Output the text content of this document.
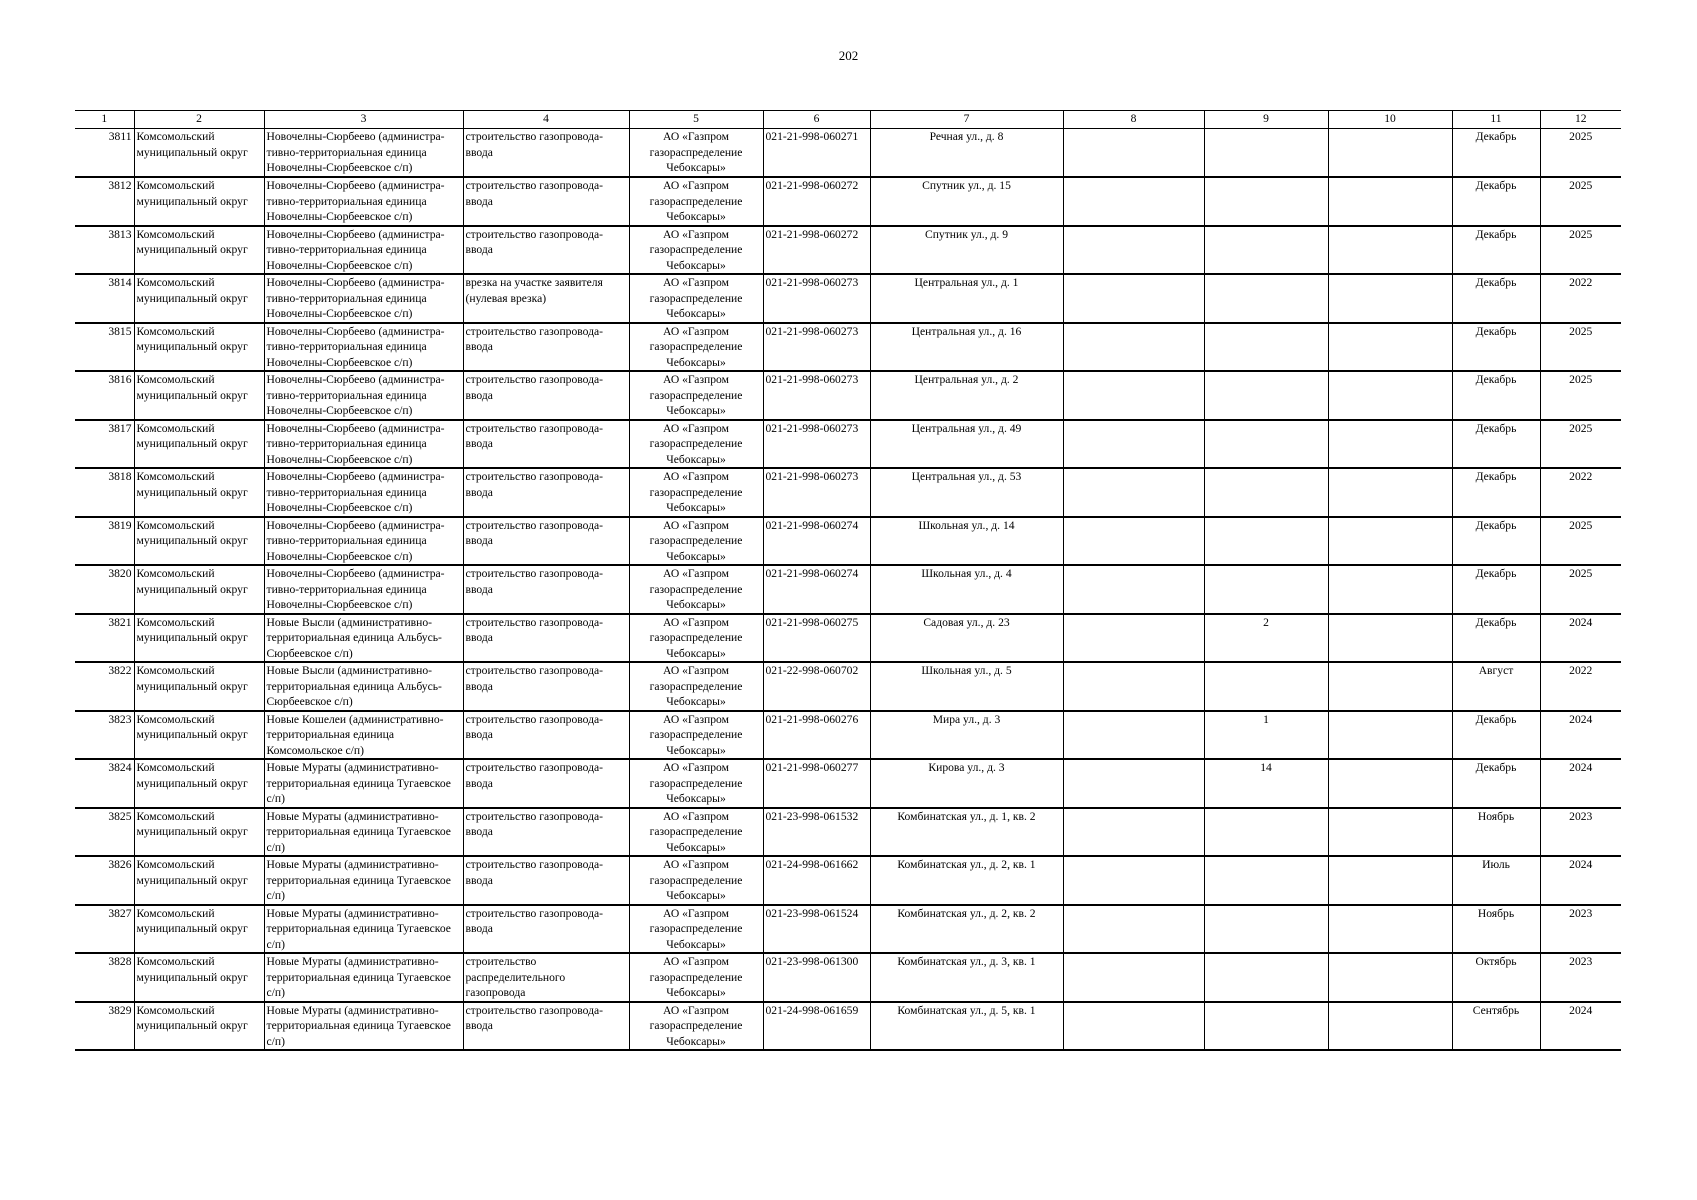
202
1	2	3	4	5	6	7	8	9	10	11	12
3811	Комсомольский муниципальный округ	Новочелны-Сюрбеево (администра-тивно-территориальная единица Новочелны-Сюрбеевское с/п)	строительство газопровода-ввода	АО «Газпром газораспределение Чебоксары»	021-21-998-060271	Речная ул., д. 8				Декабрь	2025
3812	Комсомольский муниципальный округ	Новочелны-Сюрбеево (администра-тивно-территориальная единица Новочелны-Сюрбеевское с/п)	строительство газопровода-ввода	АО «Газпром газораспределение Чебоксары»	021-21-998-060272	Спутник ул., д. 15				Декабрь	2025
3813	Комсомольский муниципальный округ	Новочелны-Сюрбеево (администра-тивно-территориальная единица Новочелны-Сюрбеевское с/п)	строительство газопровода-ввода	АО «Газпром газораспределение Чебоксары»	021-21-998-060272	Спутник ул., д. 9				Декабрь	2025
3814	Комсомольский муниципальный округ	Новочелны-Сюрбеево (администра-тивно-территориальная единица Новочелны-Сюрбеевское с/п)	врезка на участке заявителя (нулевая врезка)	АО «Газпром газораспределение Чебоксары»	021-21-998-060273	Центральная ул., д. 1				Декабрь	2022
3815	Комсомольский муниципальный округ	Новочелны-Сюрбеево (администра-тивно-территориальная единица Новочелны-Сюрбеевское с/п)	строительство газопровода-ввода	АО «Газпром газораспределение Чебоксары»	021-21-998-060273	Центральная ул., д. 16				Декабрь	2025
3816	Комсомольский муниципальный округ	Новочелны-Сюрбеево (администра-тивно-территориальная единица Новочелны-Сюрбеевское с/п)	строительство газопровода-ввода	АО «Газпром газораспределение Чебоксары»	021-21-998-060273	Центральная ул., д. 2				Декабрь	2025
3817	Комсомольский муниципальный округ	Новочелны-Сюрбеево (администра-тивно-территориальная единица Новочелны-Сюрбеевское с/п)	строительство газопровода-ввода	АО «Газпром газораспределение Чебоксары»	021-21-998-060273	Центральная ул., д. 49				Декабрь	2025
3818	Комсомольский муниципальный округ	Новочелны-Сюрбеево (администра-тивно-территориальная единица Новочелны-Сюрбеевское с/п)	строительство газопровода-ввода	АО «Газпром газораспределение Чебоксары»	021-21-998-060273	Центральная ул., д. 53				Декабрь	2022
3819	Комсомольский муниципальный округ	Новочелны-Сюрбеево (администра-тивно-территориальная единица Новочелны-Сюрбеевское с/п)	строительство газопровода-ввода	АО «Газпром газораспределение Чебоксары»	021-21-998-060274	Школьная ул., д. 14				Декабрь	2025
3820	Комсомольский муниципальный округ	Новочелны-Сюрбеево (администра-тивно-территориальная единица Новочелны-Сюрбеевское с/п)	строительство газопровода-ввода	АО «Газпром газораспределение Чебоксары»	021-21-998-060274	Школьная ул., д. 4				Декабрь	2025
3821	Комсомольский муниципальный округ	Новые Высли (административно-территориальная единица Альбусь-Сюрбеевское с/п)	строительство газопровода-ввода	АО «Газпром газораспределение Чебоксары»	021-21-998-060275	Садовая ул., д. 23		2		Декабрь	2024
3822	Комсомольский муниципальный округ	Новые Высли (административно-территориальная единица Альбусь-Сюрбеевское с/п)	строительство газопровода-ввода	АО «Газпром газораспределение Чебоксары»	021-22-998-060702	Школьная ул., д. 5				Август	2022
3823	Комсомольский муниципальный округ	Новые Кошелеи (административно-территориальная единица Комсомольское с/п)	строительство газопровода-ввода	АО «Газпром газораспределение Чебоксары»	021-21-998-060276	Мира ул., д. 3		1		Декабрь	2024
3824	Комсомольский муниципальный округ	Новые Мураты (административно-территориальная единица Тугаевское с/п)	строительство газопровода-ввода	АО «Газпром газораспределение Чебоксары»	021-21-998-060277	Кирова ул., д. 3		14		Декабрь	2024
3825	Комсомольский муниципальный округ	Новые Мураты (административно-территориальная единица Тугаевское с/п)	строительство газопровода-ввода	АО «Газпром газораспределение Чебоксары»	021-23-998-061532	Комбинатская ул., д. 1, кв. 2				Ноябрь	2023
3826	Комсомольский муниципальный округ	Новые Мураты (административно-территориальная единица Тугаевское с/п)	строительство газопровода-ввода	АО «Газпром газораспределение Чебоксары»	021-24-998-061662	Комбинатская ул., д. 2, кв. 1				Июль	2024
3827	Комсомольский муниципальный округ	Новые Мураты (административно-территориальная единица Тугаевское с/п)	строительство газопровода-ввода	АО «Газпром газораспределение Чебоксары»	021-23-998-061524	Комбинатская ул., д. 2, кв. 2				Ноябрь	2023
3828	Комсомольский муниципальный округ	Новые Мураты (административно-территориальная единица Тугаевское с/п)	строительство распределительного газопровода	АО «Газпром газораспределение Чебоксары»	021-23-998-061300	Комбинатская ул., д. 3, кв. 1				Октябрь	2023
3829	Комсомольский муниципальный округ	Новые Мураты (административно-территориальная единица Тугаевское с/п)	строительство газопровода-ввода	АО «Газпром газораспределение Чебоксары»	021-24-998-061659	Комбинатская ул., д. 5, кв. 1				Сентябрь	2024
